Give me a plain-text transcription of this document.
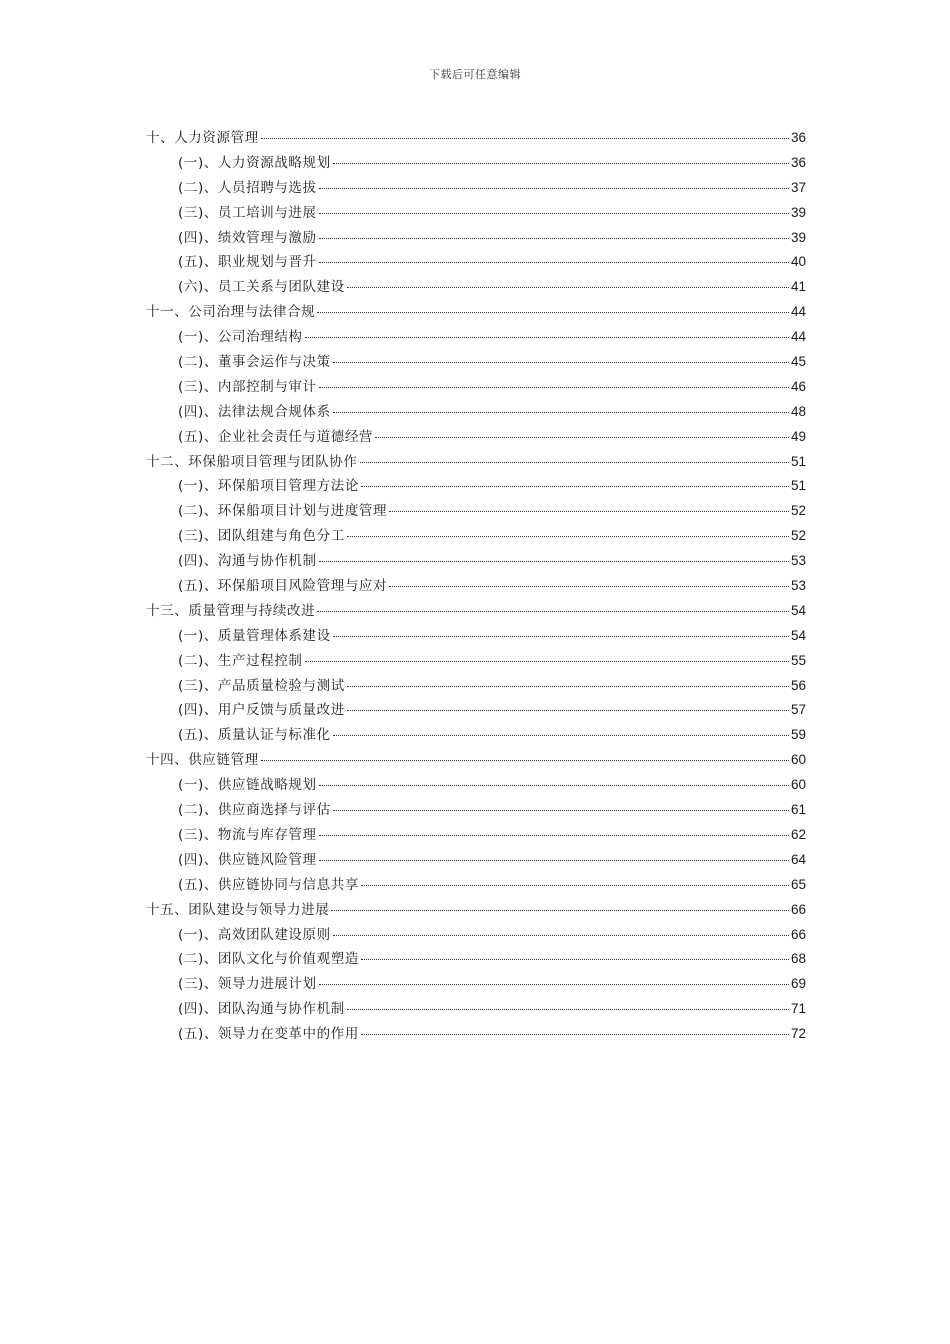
下载后可任意编辑
十、人力资源管理	36
(一)、人力资源战略规划	36
(二)、人员招聘与选拔	37
(三)、员工培训与进展	39
(四)、绩效管理与激励	39
(五)、职业规划与晋升	40
(六)、员工关系与团队建设	41
十一、公司治理与法律合规	44
(一)、公司治理结构	44
(二)、董事会运作与决策	45
(三)、内部控制与审计	46
(四)、法律法规合规体系	48
(五)、企业社会责任与道德经营	49
十二、环保船项目管理与团队协作	51
(一)、环保船项目管理方法论	51
(二)、环保船项目计划与进度管理	52
(三)、团队组建与角色分工	52
(四)、沟通与协作机制	53
(五)、环保船项目风险管理与应对	53
十三、质量管理与持续改进	54
(一)、质量管理体系建设	54
(二)、生产过程控制	55
(三)、产品质量检验与测试	56
(四)、用户反馈与质量改进	57
(五)、质量认证与标准化	59
十四、供应链管理	60
(一)、供应链战略规划	60
(二)、供应商选择与评估	61
(三)、物流与库存管理	62
(四)、供应链风险管理	64
(五)、供应链协同与信息共享	65
十五、团队建设与领导力进展	66
(一)、高效团队建设原则	66
(二)、团队文化与价值观塑造	68
(三)、领导力进展计划	69
(四)、团队沟通与协作机制	71
(五)、领导力在变革中的作用	72
